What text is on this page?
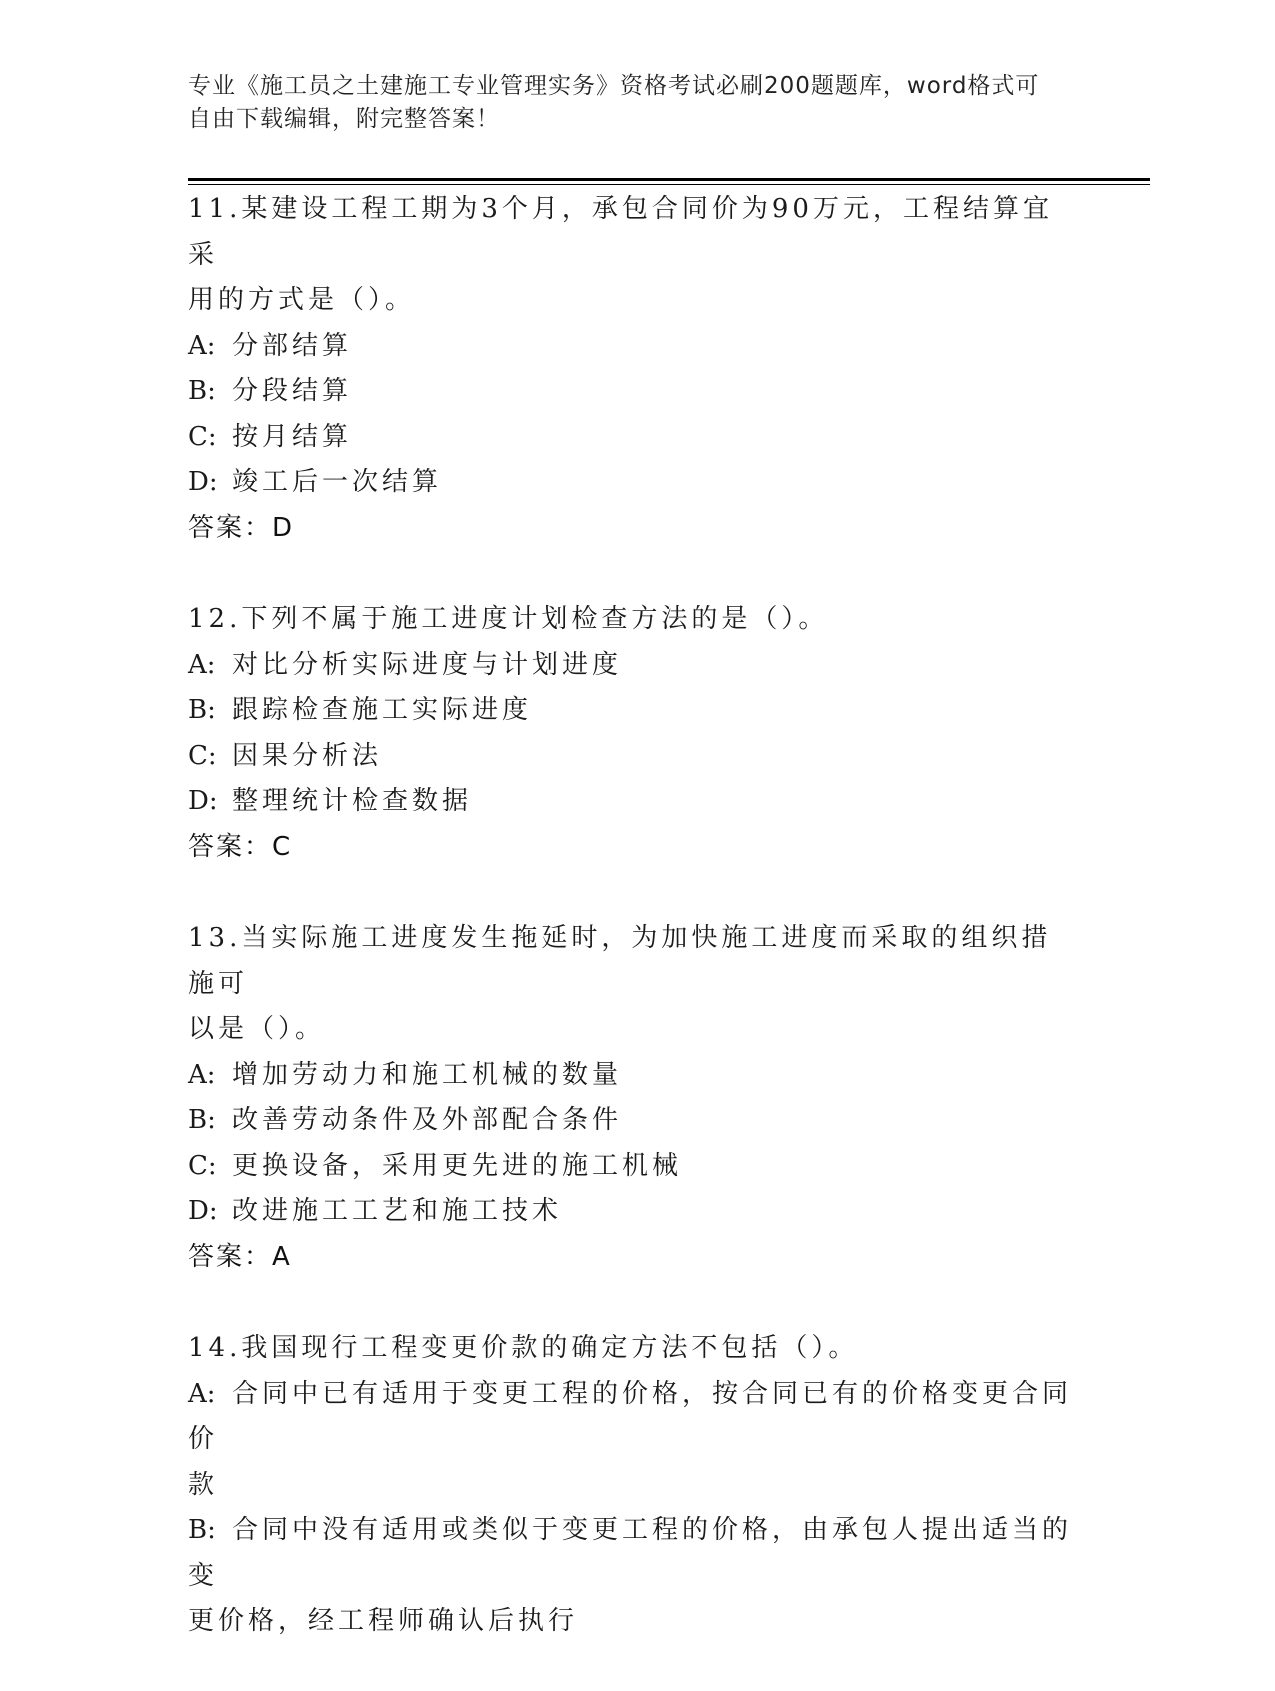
专业《施工员之土建施工专业管理实务》资格考试必刷200题题库，word格式可
自由下载编辑，附完整答案！
11.某建设工程工期为3个月，承包合同价为90万元，工程结算宜采
用的方式是（）。
A: 分部结算
B: 分段结算
C: 按月结算
D: 竣工后一次结算
答案：D
12.下列不属于施工进度计划检查方法的是（）。
A: 对比分析实际进度与计划进度
B: 跟踪检查施工实际进度
C: 因果分析法
D: 整理统计检查数据
答案：C
13.当实际施工进度发生拖延时，为加快施工进度而采取的组织措施可
以是（）。
A: 增加劳动力和施工机械的数量
B: 改善劳动条件及外部配合条件
C: 更换设备，采用更先进的施工机械
D: 改进施工工艺和施工技术
答案：A
14.我国现行工程变更价款的确定方法不包括（）。
A: 合同中已有适用于变更工程的价格，按合同已有的价格变更合同价
款
B: 合同中没有适用或类似于变更工程的价格，由承包人提出适当的变
更价格，经工程师确认后执行
